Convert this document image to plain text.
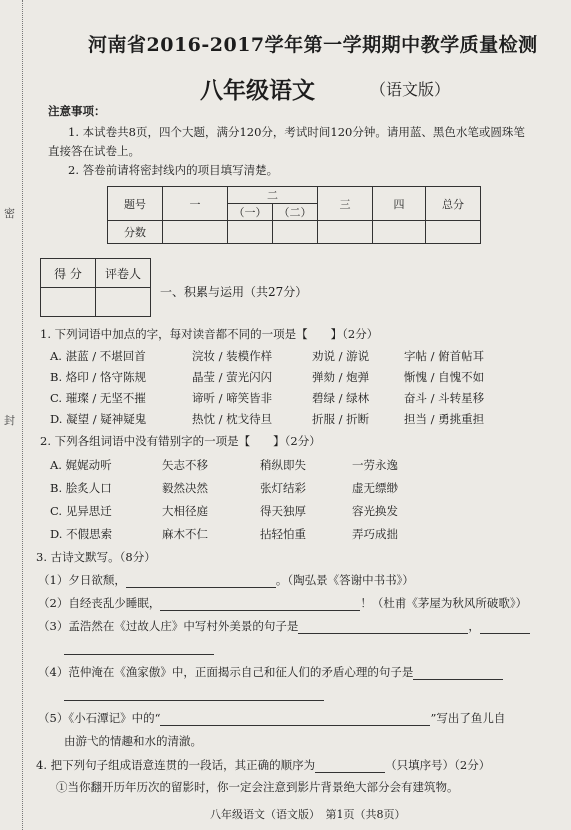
密
封
河南省2016-2017学年第一学期期中教学质量检测
八年级语文	（语文版）
注意事项：
1. 本试卷共8页，四个大题，满分120分，考试时间120分钟。请用蓝、黑色水笔或圆珠笔
直接答在试卷上。
2. 答卷前请将密封线内的项目填写清楚。
题号	一	二		三	四	总分
		（一）	（二）			
分数						
得 分	评卷人

一、积累与运用（共27分）
1. 下列词语中加点的字，每对读音都不同的一项是【　　】（2分）
A. 湛蓝 / 不堪回首	浣妆 / 装模作样	劝说 / 游说	字帖 / 俯首帖耳
B. 烙印 / 恪守陈规	晶莹 / 萤光闪闪	弹劾 / 炮弹	惭愧 / 自愧不如
C. 璀璨 / 无坚不摧	谛听 / 啼笑皆非	碧绿 / 绿林	奋斗 / 斗转星移
D. 凝望 / 疑神疑鬼	热忱 / 枕戈待旦	折服 / 折断	担当 / 勇挑重担
2. 下列各组词语中没有错别字的一项是【　　】（2分）
A. 娓娓动听	矢志不移	稍纵即失	一劳永逸
B. 脍炙人口	毅然决然	张灯结彩	虚无缥缈
C. 见异思迁	大相径庭	得天独厚	容光换发
D. 不假思索	麻木不仁	拈轻怕重	弄巧成拙
3. 古诗文默写。（8分）
（1）夕日欲颓，	。（陶弘景《答谢中书书》）
（2）自经丧乱少睡眠，	！（杜甫《茅屋为秋风所破歌》）
（3）孟浩然在《过故人庄》中写村外美景的句子是	，
（4）范仲淹在《渔家傲》中，正面揭示自己和征人们的矛盾心理的句子是
（5）《小石潭记》中的“	”写出了鱼儿自
由游弋的情趣和水的清澈。
4. 把下列句子组成语意连贯的一段话，其正确的顺序为	（只填序号）（2分）
①当你翻开历年历次的留影时，你一定会注意到影片背景绝大部分会有建筑物。
八年级语文（语文版）　第1页（共8页）
